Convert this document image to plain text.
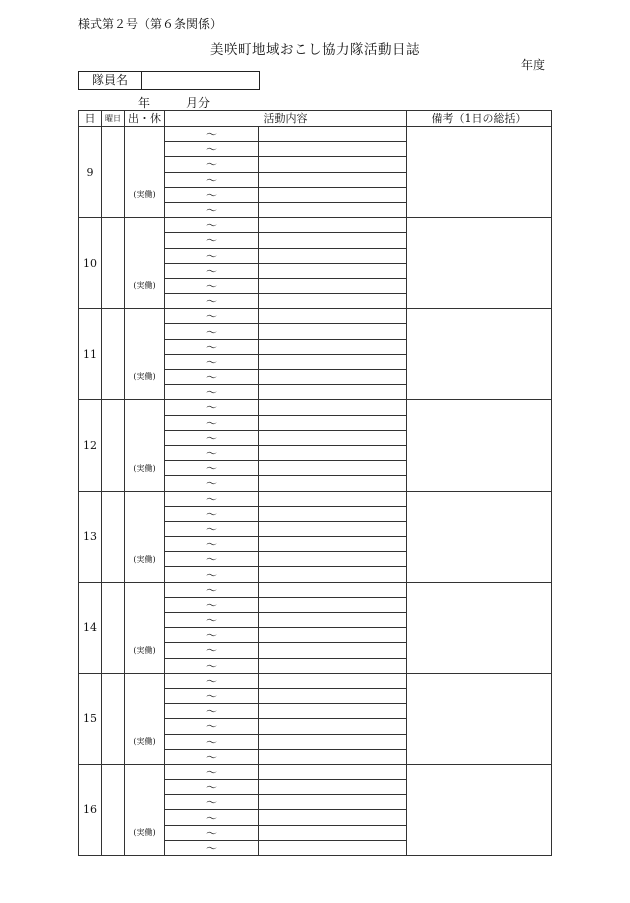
様式第２号（第６条関係）
美咲町地域おこし協力隊活動日誌
年度
隊員名
年	月分
日	曜日	出・休	活動内容		備考（1日の総括）
9		(実働)	～		
			～		
			～		
			～		
			～		
			～		
10		(実働)	～		
			～		
			～		
			～		
			～		
			～		
11		(実働)	～		
			～		
			～		
			～		
			～		
			～		
12		(実働)	～		
			～		
			～		
			～		
			～		
			～		
13		(実働)	～		
			～		
			～		
			～		
			～		
			～		
14		(実働)	～		
			～		
			～		
			～		
			～		
			～		
15		(実働)	～		
			～		
			～		
			～		
			～		
			～		
16		(実働)	～		
			～		
			～		
			～		
			～		
			～		
